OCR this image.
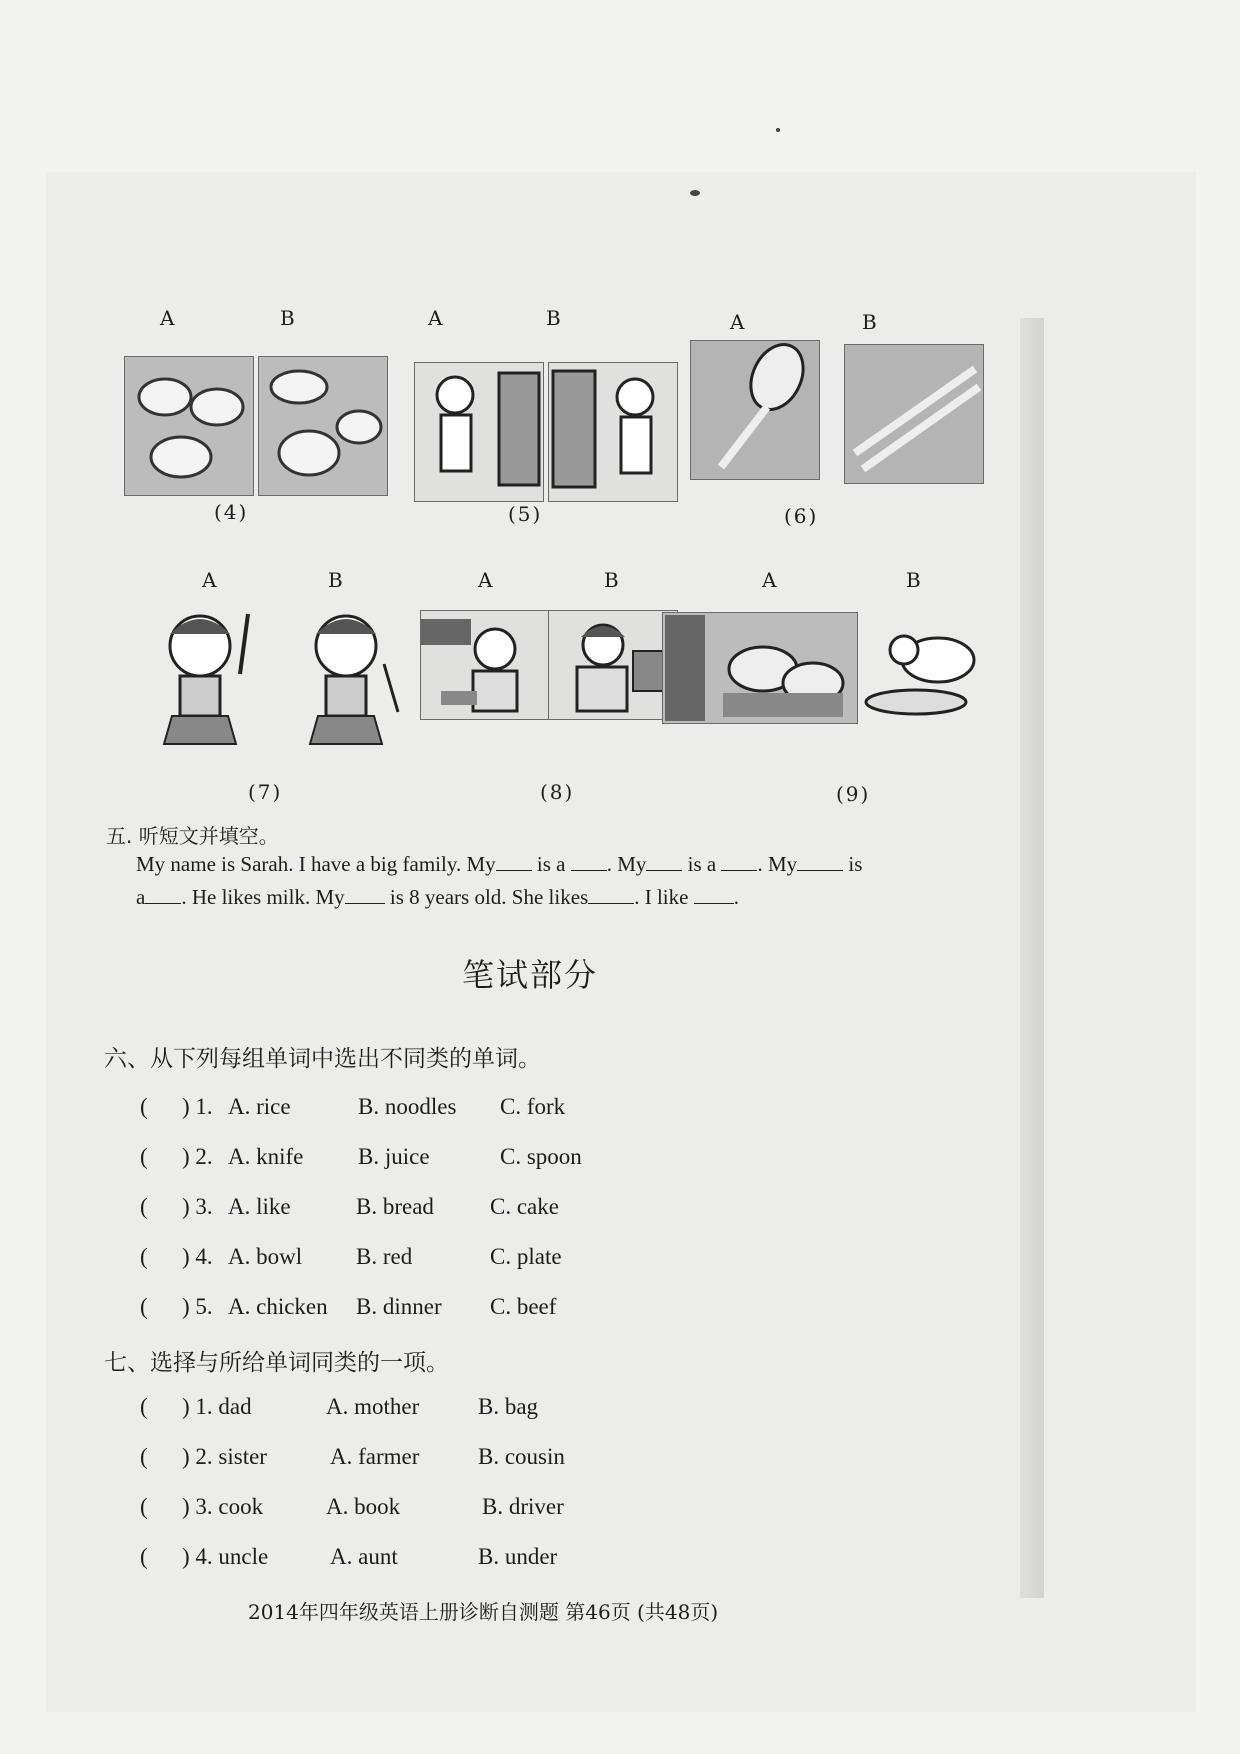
A	B
(4)
A	B
(5)
A	B
(6)
A	B
(7)
A	B
(8)
A	B
(9)
五. 听短文并填空。
My name is Sarah. I have a big family. My is a . My is a . My is
a . He likes milk. My is 8 years old. She likes . I like .
笔试部分
六、从下列每组单词中选出不同类的单词。
( ) 1. A. rice	B. noodles C. fork
( ) 2. A. knife B. juice	C. spoon
( ) 3. A. like	B. bread C. cake
( ) 4. A. bowl B. red	C. plate
( ) 5. A. chicken B. dinner C. beef
七、选择与所给单词同类的一项。
( ) 1. dad	A. mother	B. bag
( ) 2. sister	A. farmer	B. cousin
( ) 3. cook	A. book	B. driver
( ) 4. uncle	A. aunt	B. under
2014年四年级英语上册诊断自测题 第46页 (共48页)
